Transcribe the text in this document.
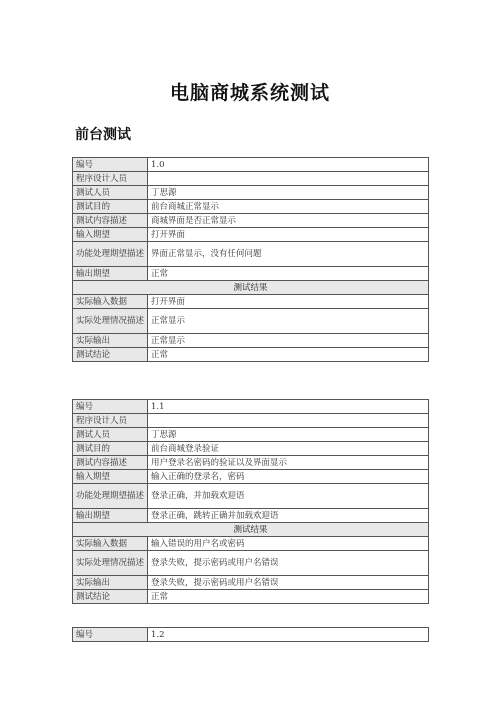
电脑商城系统测试
前台测试
编号	1.0
程序设计人员	
测试人员	丁思源
测试目的	前台商城正常显示
测试内容描述	商城界面是否正常显示
输入期望	打开界面
功能处理期望描述	界面正常显示，没有任何问题
输出期望	正常
测试结果	
实际输入数据	打开界面
实际处理情况描述	正常显示
实际输出	正常显示
测试结论	正常
编号	1.1
程序设计人员	
测试人员	丁思源
测试目的	前台商城登录验证
测试内容描述	用户登录名密码的验证以及界面显示
输入期望	输入正确的登录名，密码
功能处理期望描述	登录正确，并加载欢迎语
输出期望	登录正确，跳转正确并加载欢迎语
测试结果	
实际输入数据	输入错误的用户名或密码
实际处理情况描述	登录失败，提示密码或用户名错误
实际输出	登录失败，提示密码或用户名错误
测试结论	正常
编号	1.2
